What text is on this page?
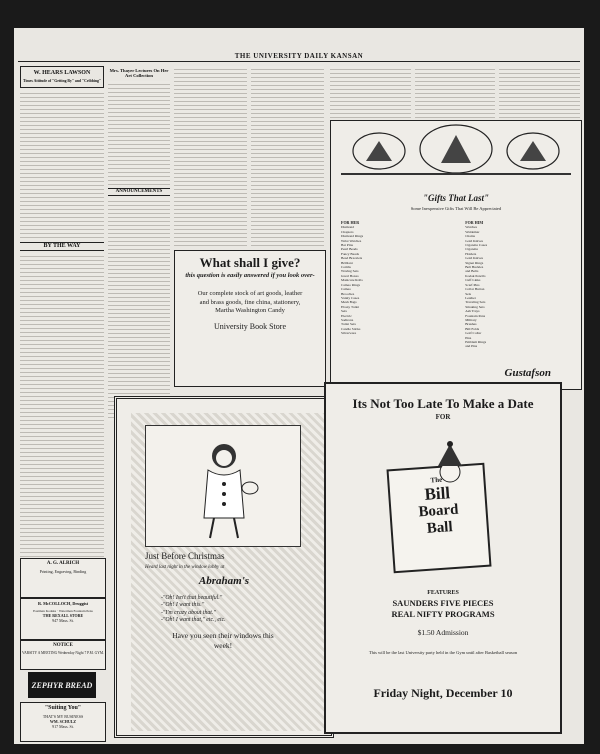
THE UNIVERSITY DAILY KANSAN
W. HEARS LAWSON
Times Attitude of "Getting By" and "Cribbing"
BY THE WAY
A. G. ALRICH
Printing, Engraving, Binding
R. McCOLLOCH, Druggist
Eastman Kodaks · Waterman Fountain Pens
THE REXALL STORE
947 Mass. St.
NOTICE
VARSITY A MEETING Wednesday Night 7 P.M. GYM.
ZEPHYR BREAD
"Suiting You"
THAT'S MY BUSINESS
WM. SCHULZ
917 Mass. St.
Mrs. Thayer Lectures On Her Art Collection
ANNOUNCEMENTS
What shall I give?
this question is easily answered if you look over-
Our complete stock of art goods, leather and brass goods, fine china, stationery, Martha Washington Candy
University Book Store
"Gifts That Last"
Some Inexpensive Gifts That Will Be Appreciated
FOR HER
Diamond Chapters
Diamond Rings
Wrist Watches
Bar Pins
Pearl Beads
Fancy Beads
Bead Bracelets
Brilliant Combs
Waving Sets
Jewel Boxes
Manicure Rolls
Cameo Rings
Cameo Brooches
Vanity Cases
Mesh Bags
Ebony Toilet Sets
Electric Sadirons
Toilet Sets
Candle Sticks
Silverware
FOR HIM
Watches
Waldemar Chains
Gold Knives
Cigarette Cases
Cigarette Holders
Gold Knives
Signet Rings
Belt Buckles and Belts
Kodak Pencils
Cuff Links
Scarf Pins
Collar Button Sets
Leather Traveling Sets
Smoking Sets
Ash Trays
Fountain Pens
Military Brushes
Bill Folds
Golf Collar Pins
Emblem Rings and Pins
Gustafson
Just Before Christmas
Heard last night in the window lobby at
Abraham's
-"Oh! Isn't that beautiful."
-"Oh! I want this."
-"I'm crazy about that."
-"Oh! I want that," etc., etc.
Have you seen their windows this week!
Its Not Too Late To Make a Date
FOR
The
Bill
Board
Ball
FEATURES
SAUNDERS FIVE PIECES
REAL NIFTY PROGRAMS
$1.50 Admission
This will be the last University party held in the Gym until after Basketball season
Friday Night, December 10
